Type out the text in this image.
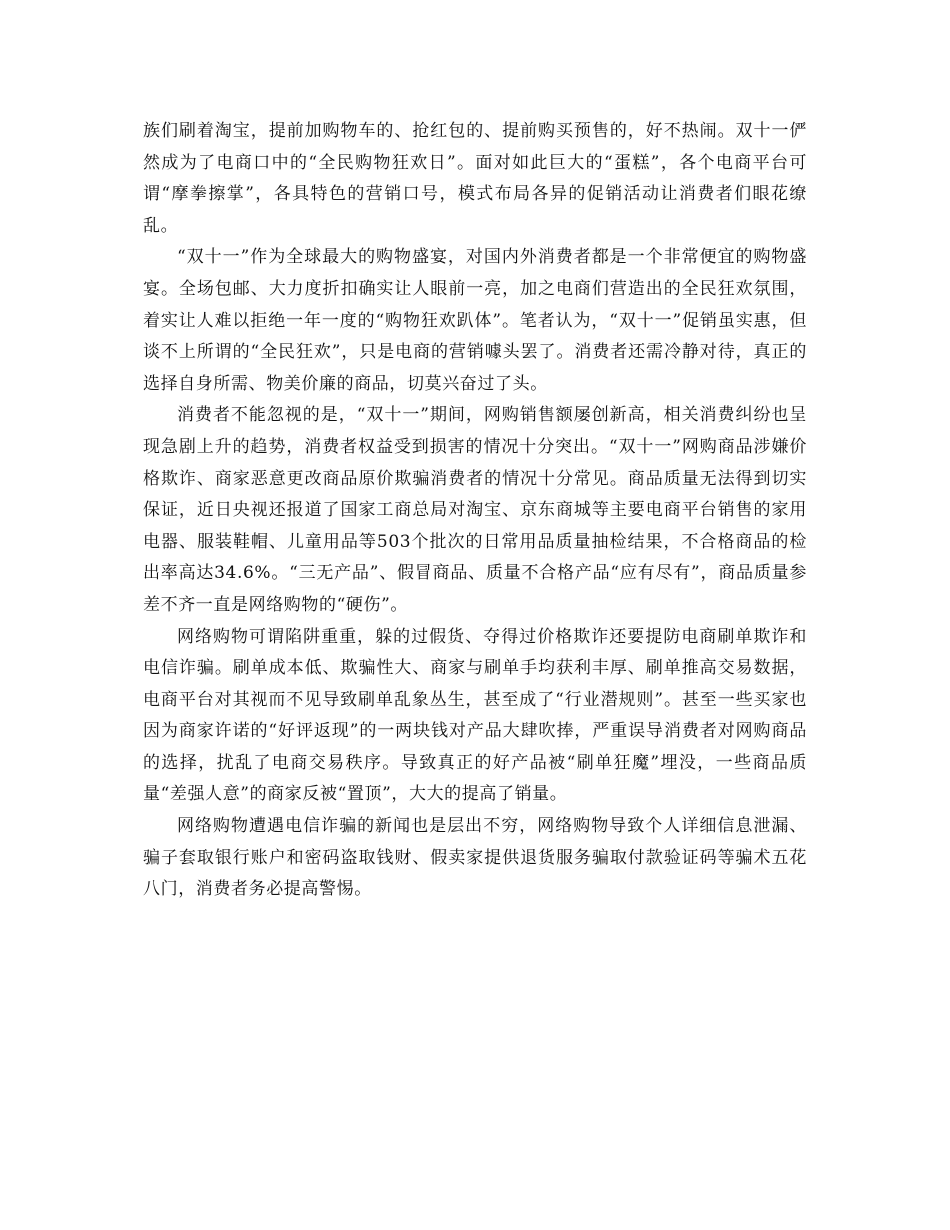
族们刷着淘宝，提前加购物车的、抢红包的、提前购买预售的，好不热闹。双十一俨然成为了电商口中的“全民购物狂欢日”。面对如此巨大的“蛋糕”，各个电商平台可谓“摩拳擦掌”，各具特色的营销口号，模式布局各异的促销活动让消费者们眼花缭乱。

“双十一”作为全球最大的购物盛宴，对国内外消费者都是一个非常便宜的购物盛宴。全场包邮、大力度折扣确实让人眼前一亮，加之电商们营造出的全民狂欢氛围，着实让人难以拒绝一年一度的“购物狂欢趴体”。笔者认为，“双十一”促销虽实惠，但谈不上所谓的“全民狂欢”，只是电商的营销噱头罢了。消费者还需冷静对待，真正的选择自身所需、物美价廉的商品，切莫兴奋过了头。

消费者不能忽视的是，“双十一”期间，网购销售额屡创新高，相关消费纠纷也呈现急剧上升的趋势，消费者权益受到损害的情况十分突出。“双十一”网购商品涉嫌价格欺诈、商家恶意更改商品原价欺骗消费者的情况十分常见。商品质量无法得到切实保证，近日央视还报道了国家工商总局对淘宝、京东商城等主要电商平台销售的家用电器、服装鞋帽、儿童用品等503个批次的日常用品质量抽检结果，不合格商品的检出率高达34.6%。“三无产品”、假冒商品、质量不合格产品“应有尽有”，商品质量参差不齐一直是网络购物的“硬伤”。

网络购物可谓陷阱重重，躲的过假货、夺得过价格欺诈还要提防电商刷单欺诈和电信诈骗。刷单成本低、欺骗性大、商家与刷单手均获利丰厚、刷单推高交易数据，电商平台对其视而不见导致刷单乱象丛生，甚至成了“行业潜规则”。甚至一些买家也因为商家许诺的“好评返现”的一两块钱对产品大肆吹捧，严重误导消费者对网购商品的选择，扰乱了电商交易秩序。导致真正的好产品被“刷单狂魔”埋没，一些商品质量“差强人意”的商家反被“置顶”，大大的提高了销量。

网络购物遭遇电信诈骗的新闻也是层出不穷，网络购物导致个人详细信息泄漏、骗子套取银行账户和密码盗取钱财、假卖家提供退货服务骗取付款验证码等骗术五花八门，消费者务必提高警惕。
